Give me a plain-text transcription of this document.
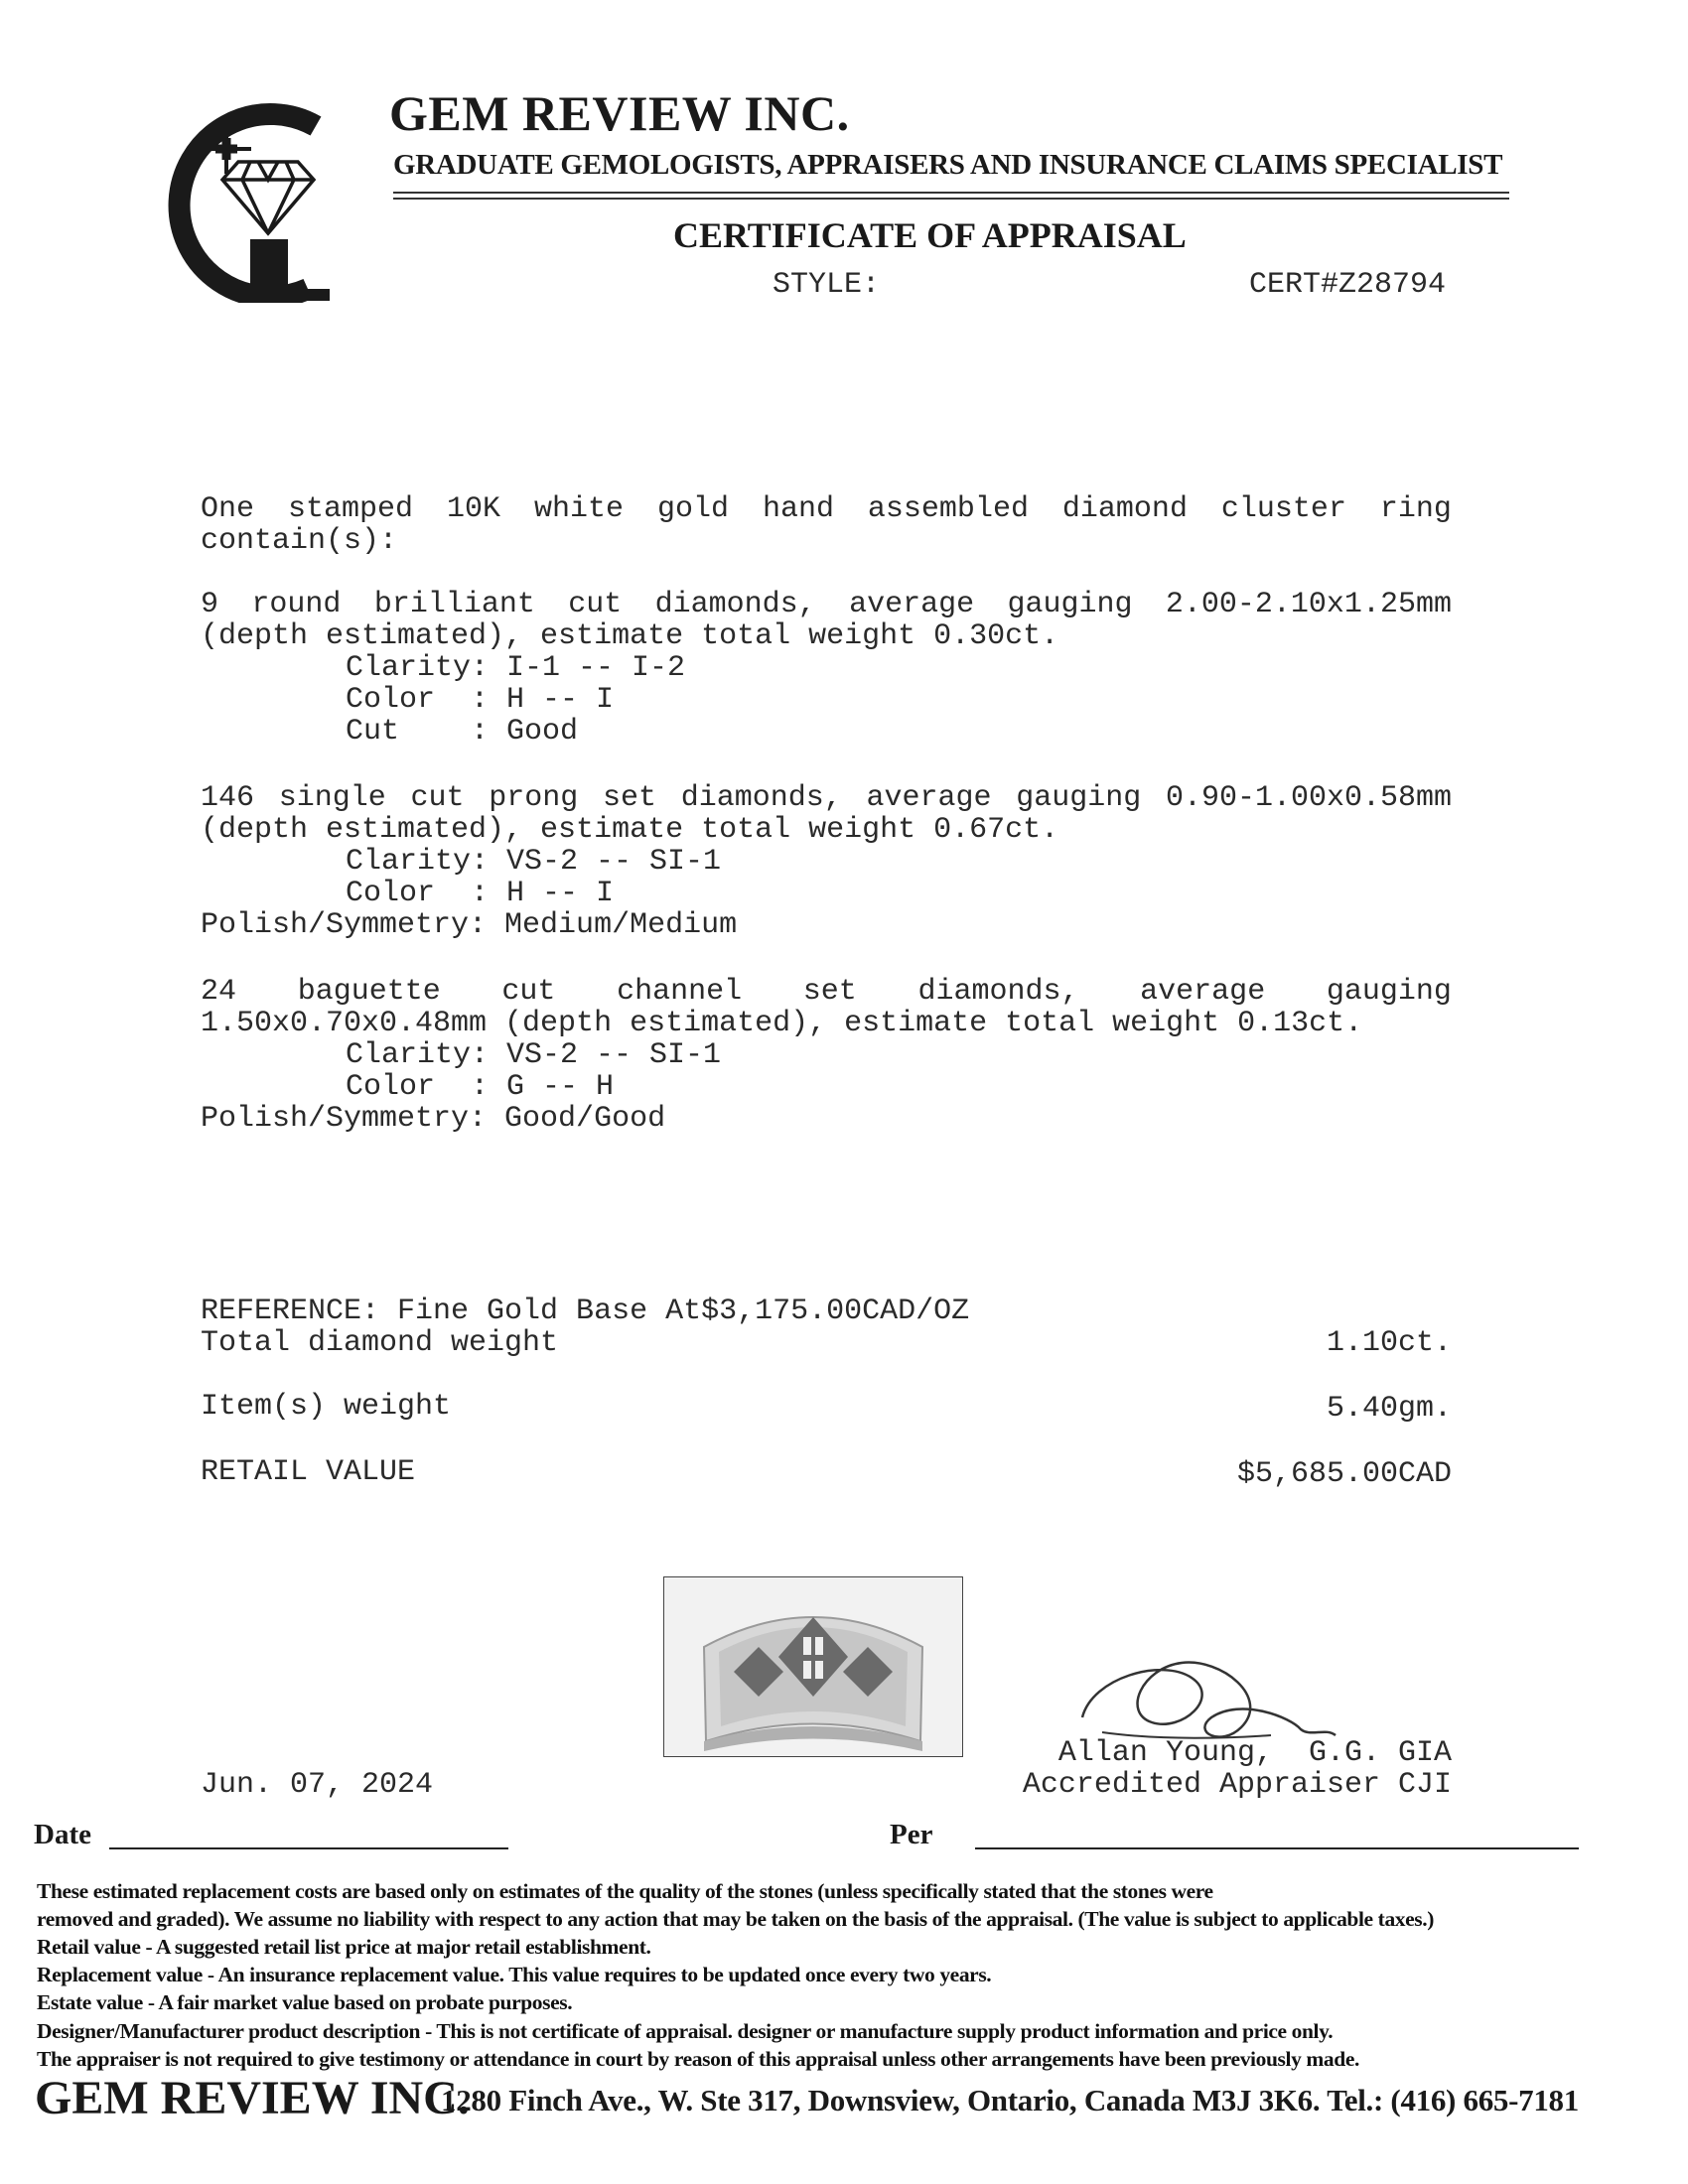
GEM REVIEW INC.
GRADUATE GEMOLOGISTS, APPRAISERS AND INSURANCE CLAIMS SPECIALIST
CERTIFICATE OF APPRAISAL
STYLE:	CERT#Z28794
One stamped 10K white gold hand assembled diamond cluster ring
contain(s):
9 round brilliant cut diamonds, average gauging 2.00-2.10x1.25mm
(depth estimated), estimate total weight 0.30ct.
Clarity: I-1 -- I-2
Color  : H -- I
Cut    : Good
146 single cut prong set diamonds, average gauging 0.90-1.00x0.58mm
(depth estimated), estimate total weight 0.67ct.
Clarity: VS-2 -- SI-1
Color  : H -- I
Polish/Symmetry: Medium/Medium
24 baguette cut channel set diamonds, average gauging
1.50x0.70x0.48mm (depth estimated), estimate total weight 0.13ct.
Clarity: VS-2 -- SI-1
Color  : G -- H
Polish/Symmetry: Good/Good
REFERENCE: Fine Gold Base At$3,175.00CAD/OZ
Total diamond weight	1.10ct.
Item(s) weight	5.40gm.
RETAIL VALUE	$5,685.00CAD
Jun. 07, 2024
Allan Young,  G.G. GIA
Accredited Appraiser CJI
Date	Per
These estimated replacement costs are based only on estimates of the quality of the stones (unless specifically stated that the stones were
removed and graded). We assume no liability with respect to any action that may be taken on the basis of the appraisal. (The value is subject to applicable taxes.)
Retail value - A suggested retail list price at major retail establishment.
Replacement value - An insurance replacement value. This value requires to be updated once every two years.
Estate value - A fair market value based on probate purposes.
Designer/Manufacturer product description - This is not certificate of appraisal. designer or manufacture supply product information and price only.
The appraiser is not required to give testimony or attendance in court by reason of this appraisal unless other arrangements have been previously made.
GEM REVIEW INC.
1280 Finch Ave., W. Ste 317, Downsview, Ontario, Canada M3J 3K6. Tel.: (416) 665-7181
